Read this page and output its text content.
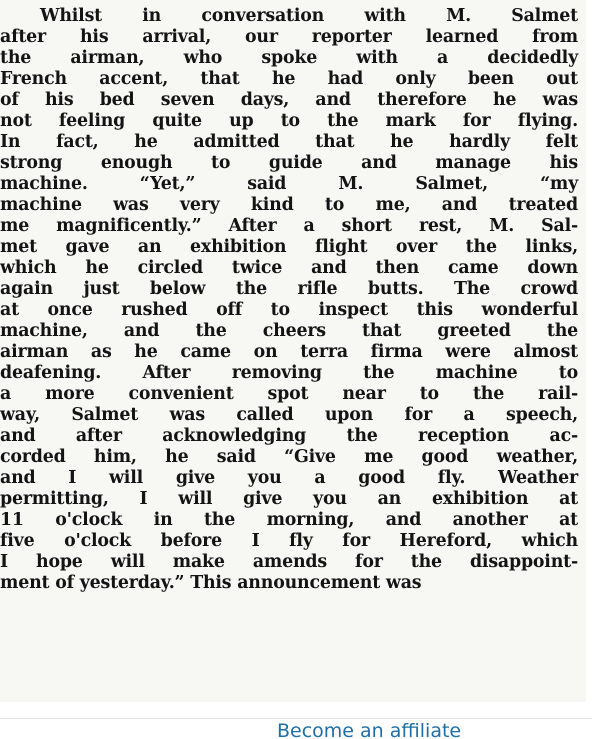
Whilst in conversation with M. Salmet
after his arrival, our reporter learned from
the airman, who spoke with a decidedly
French accent, that he had only been out
of his bed seven days, and therefore he was
not feeling quite up to the mark for flying.
In fact, he admitted that he hardly felt
strong enough to guide and manage his
machine. “Yet,” said M. Salmet, “my
machine was very kind to me, and treated
me magnificently.” After a short rest, M. Sal-
met gave an exhibition flight over the links,
which he circled twice and then came down
again just below the rifle butts. The crowd
at once rushed off to inspect this wonderful
machine, and the cheers that greeted the
airman as he came on terra firma were almost
deafening. After removing the machine to
a more convenient spot near to the rail-
way, Salmet was called upon for a speech,
and after acknowledging the reception ac-
corded him, he said “Give me good weather,
and I will give you a good fly. Weather
permitting, I will give you an exhibition at
11 o'clock in the morning, and another at
five o'clock before I fly for Hereford, which
I hope will make amends for the disappoint-
ment of yesterday.” This announcement was
Become an affiliate
